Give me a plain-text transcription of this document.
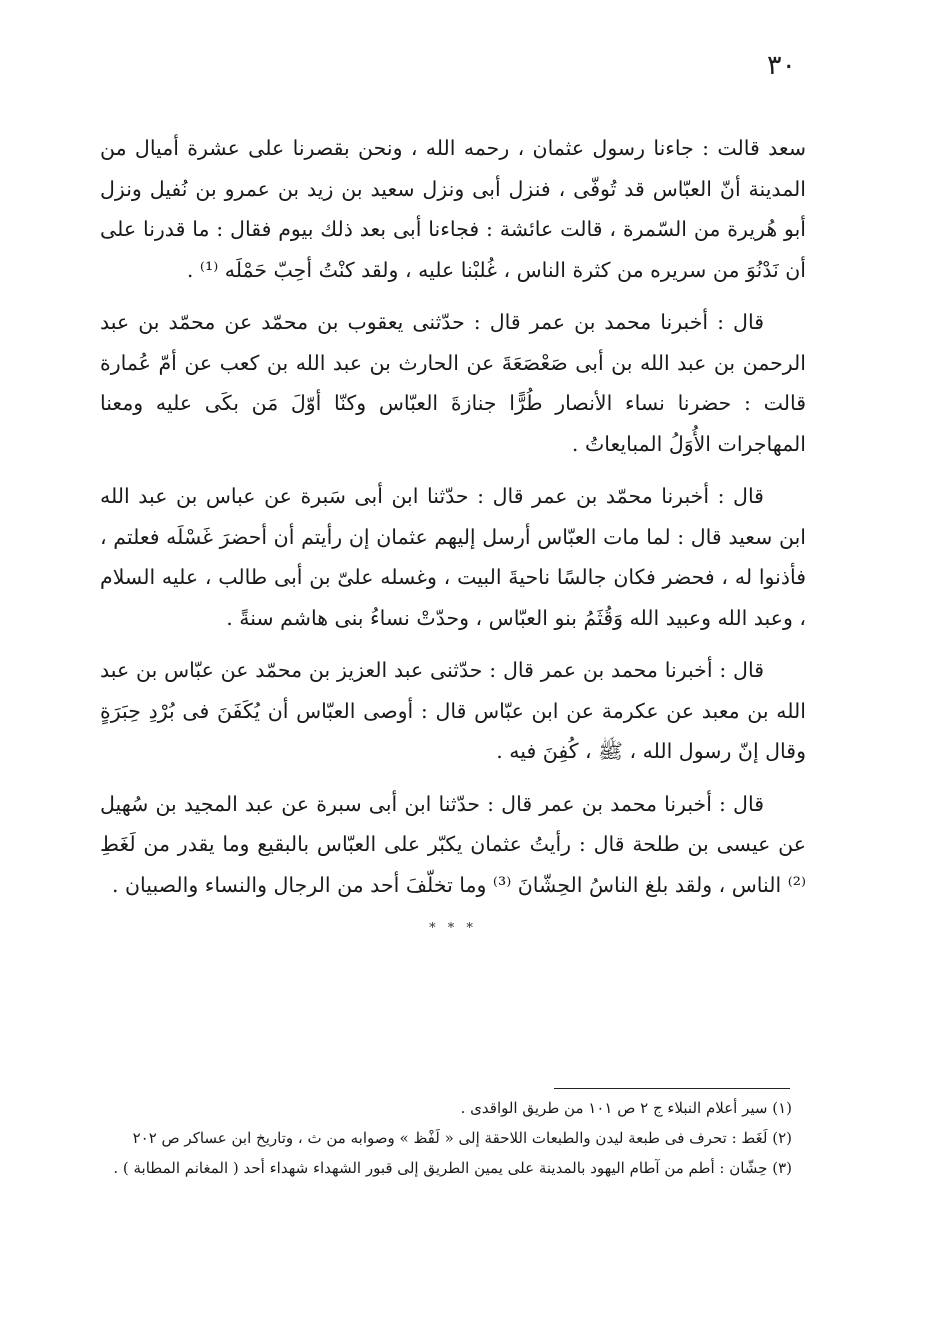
٣٠

سعد قالت : جاءنا رسول عثمان ، رحمه الله ، ونحن بقصرنا على عشرة أميال من المدينة أنّ العبّاس قد تُوفّى ، فنزل أبى ونزل سعيد بن زيد بن عمرو بن نُفيل ونزل أبو هُريرة من السّمرة ، قالت عائشة : فجاءنا أبى بعد ذلك بيوم فقال : ما قدرنا على أن نَدْنُوَ من سريره من كثرة الناس ، غُلبْنا عليه ، ولقد كنْتُ أحِبّ حَمْلَه ⁽¹⁾ .

قال : أخبرنا محمد بن عمر قال : حدّثنى يعقوب بن محمّد عن محمّد بن عبد الرحمن بن عبد الله بن أبى صَعْصَعَةَ عن الحارث بن عبد الله بن كعب عن أمّ عُمارة قالت : حضرنا نساء الأنصار طُرًّا جنازةَ العبّاس وكنّا أوّلَ مَن بكَى عليه ومعنا المهاجرات الأُوَلُ المبايعاتُ .

قال : أخبرنا محمّد بن عمر قال : حدّثنا ابن أبى سَبرة عن عباس بن عبد الله ابن سعيد قال : لما مات العبّاس أرسل إليهم عثمان إن رأيتم أن أحضرَ غَسْلَه فعلتم ، فأذنوا له ، فحضر فكان جالسًا ناحيةَ البيت ، وغسله علىّ بن أبى طالب ، عليه السلام ، وعبد الله وعبيد الله وَقُثَمُ بنو العبّاس ، وحدّتْ نساءُ بنى هاشم سنةً .

قال : أخبرنا محمد بن عمر قال : حدّثنى عبد العزيز بن محمّد عن عبّاس بن عبد الله بن معبد عن عكرمة عن ابن عبّاس قال : أوصى العبّاس أن يُكَفَنَ فى بُرْدِ حِبَرَةٍ وقال إنّ رسول الله ، ﷺ ، كُفِنَ فيه .

قال : أخبرنا محمد بن عمر قال : حدّثنا ابن أبى سبرة عن عبد المجيد بن سُهيل عن عيسى بن طلحة قال : رأيتُ عثمان يكبّر على العبّاس بالبقيع وما يقدر من لَغَطِ ⁽²⁾ الناس ، ولقد بلغ الناسُ الحِشّانَ ⁽³⁾ وما تخلّفَ أحد من الرجال والنساء والصبيان .

* * *

(١) سير أعلام النبلاء ج ٢ ص ١٠١ من طريق الواقدى .

(٢) لَغَط : تحرف فى طبعة ليدن والطبعات اللاحقة إلى « لَفْظ » وصوابه من ث ، وتاريخ ابن عساكر ص ٢٠٢

(٣) حِشّان : أطم من آطام اليهود بالمدينة على يمين الطريق إلى قبور الشهداء شهداء أحد ( المغانم المطابة ) .
